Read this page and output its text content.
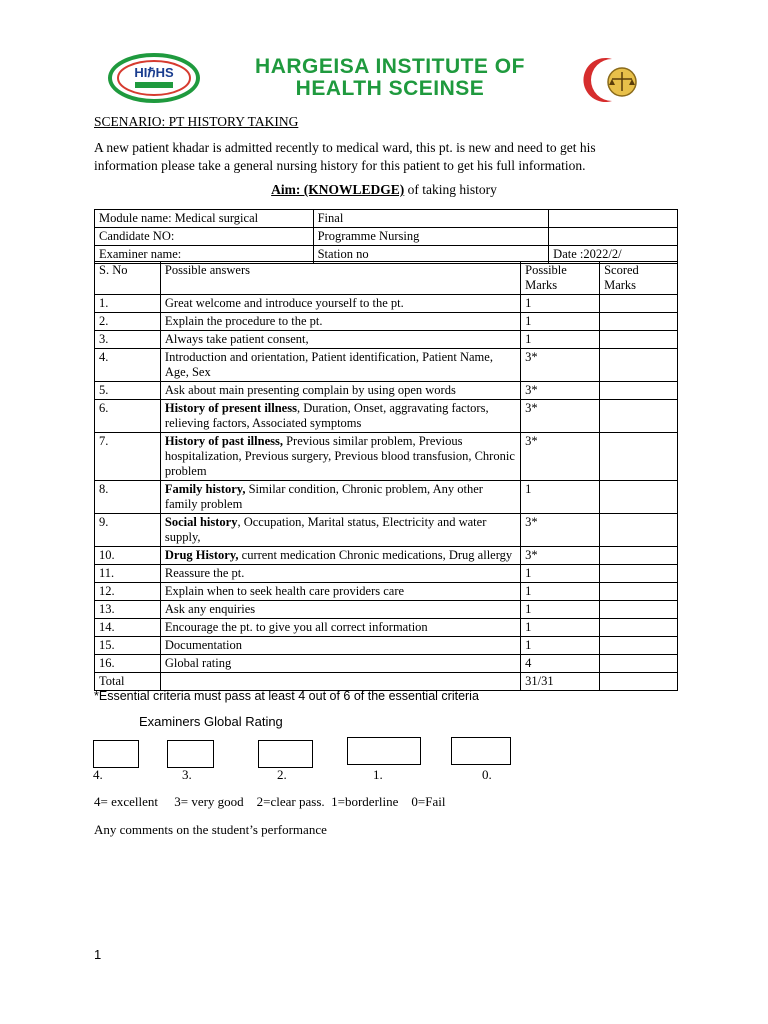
HIℏHS	HARGEISA INSTITUTE OF
HEALTH SCEINSE
SCENARIO: PT HISTORY TAKING
A new patient khadar is admitted recently to medical ward, this pt. is new and need to get his information please take a general nursing history for this patient to get his full information.
Aim: (KNOWLEDGE) of taking history
Module name: Medical surgical	Final	
Candidate NO:	Programme Nursing	
Examiner name:	Station no	Date :2022/2/
S. No	Possible answers	Possible Marks	Scored Marks
1.	Great welcome and introduce yourself to the pt.	1	
2.	Explain the procedure to the pt.	1	
3.	Always take patient consent,	1	
4.	Introduction and orientation, Patient identification, Patient Name, Age, Sex	3*	
5.	Ask about main presenting complain by using open words	3*	
6.	History of present illness, Duration, Onset, aggravating factors, relieving factors, Associated symptoms	3*	
7.	History of past illness, Previous similar problem, Previous hospitalization, Previous surgery, Previous blood transfusion, Chronic problem	3*	
8.	Family history, Similar condition, Chronic problem, Any other family problem	1	
9.	Social history, Occupation, Marital status, Electricity and water supply,	3*	
10.	Drug History, current medication Chronic medications, Drug allergy	3*	
11.	Reassure the pt.	1	
12.	Explain when to seek health care providers care	1	
13.	Ask any enquiries	1	
14.	Encourage the pt. to give you all correct information	1	
15.	Documentation	1	
16.	Global rating	4	
Total		31/31	
*Essential criteria must pass at least 4 out of 6 of the essential criteria
Examiners Global Rating
4.	3.	2.	1.	0.
4= excellent     3= very good    2=clear pass.  1=borderline    0=Fail
Any comments on the student’s performance
1
